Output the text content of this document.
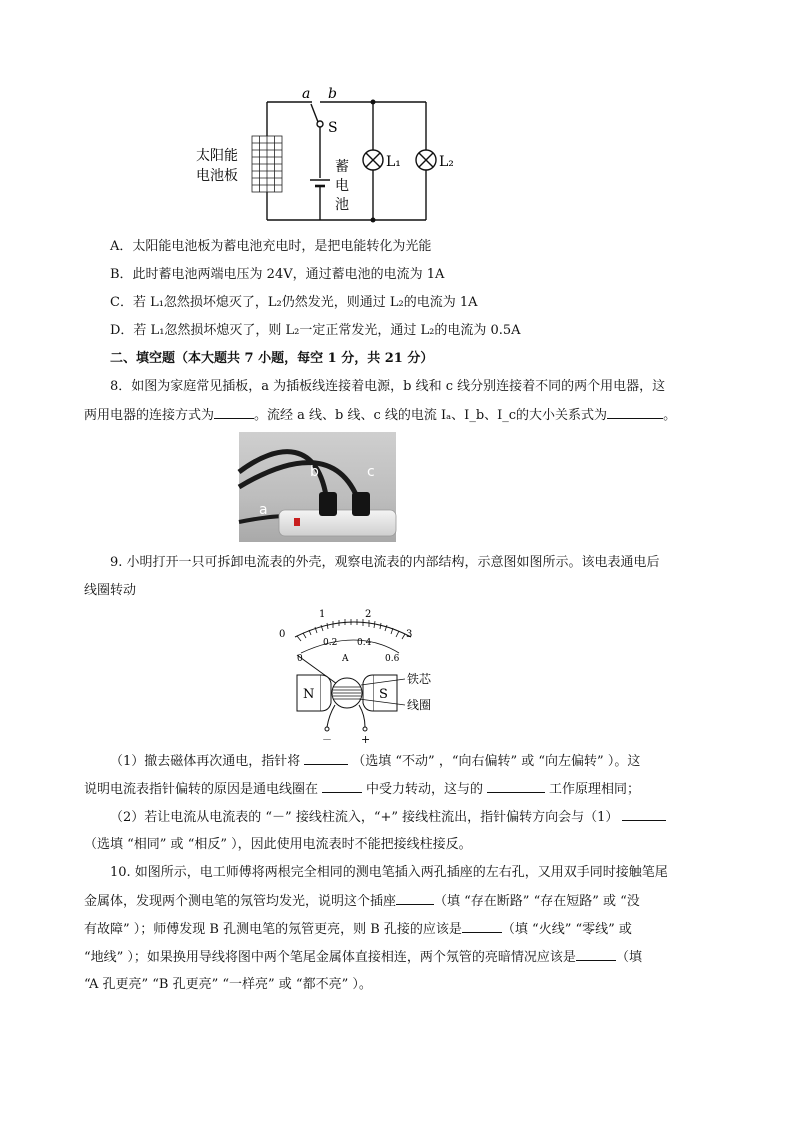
a b
S
太阳能
电池板
蓄
电
池
L₁	L₂
A．太阳能电池板为蓄电池充电时，是把电能转化为光能
B．此时蓄电池两端电压为 24V，通过蓄电池的电流为 1A
C．若 L₁忽然损坏熄灭了，L₂仍然发光，则通过 L₂的电流为 1A
D．若 L₁忽然损坏熄灭了，则 L₂一定正常发光，通过 L₂的电流为 0.5A
二、填空题（本大题共 7 小题，每空 1 分，共 21 分）
8．如图为家庭常见插板，a 为插板线连接着电源，b 线和 c 线分别连接着不同的两个用电器，这
两用电器的连接方式为	。流经 a 线、b 线、c 线的电流 Iₐ、I_b、I_c的大小关系式为	。
a
b	c
9. 小明打开一只可拆卸电流表的外壳，观察电流表的内部结构，示意图如图所示。该电表通电后
线圈转动
0
1	2
3
0
0.2 0.4
0.6
A
N	S
铁芯
线圈
－	+
（1）撤去磁体再次通电，指针将	（选填 “不动” ，“向右偏转” 或 “向左偏转” ）。这
说明电流表指针偏转的原因是通电线圈在	中受力转动，这与的	工作原理相同；
（2）若让电流从电流表的 “－” 接线柱流入，“+” 接线柱流出，指针偏转方向会与（1）
（选填 “相同” 或 “相反” ），因此使用电流表时不能把接线柱接反。
10. 如图所示，电工师傅将两根完全相同的测电笔插入两孔插座的左右孔，又用双手同时接触笔尾
金属体，发现两个测电笔的氖管均发光，说明这个插座	（填 “存在断路” “存在短路” 或 “没
有故障” ）；师傅发现 B 孔测电笔的氖管更亮，则 B 孔接的应该是	（填 “火线” “零线” 或
“地线” ）；如果换用导线将图中两个笔尾金属体直接相连，两个氖管的亮暗情况应该是	（填
“A 孔更亮” “B 孔更亮” “一样亮” 或 “都不亮” ）。
